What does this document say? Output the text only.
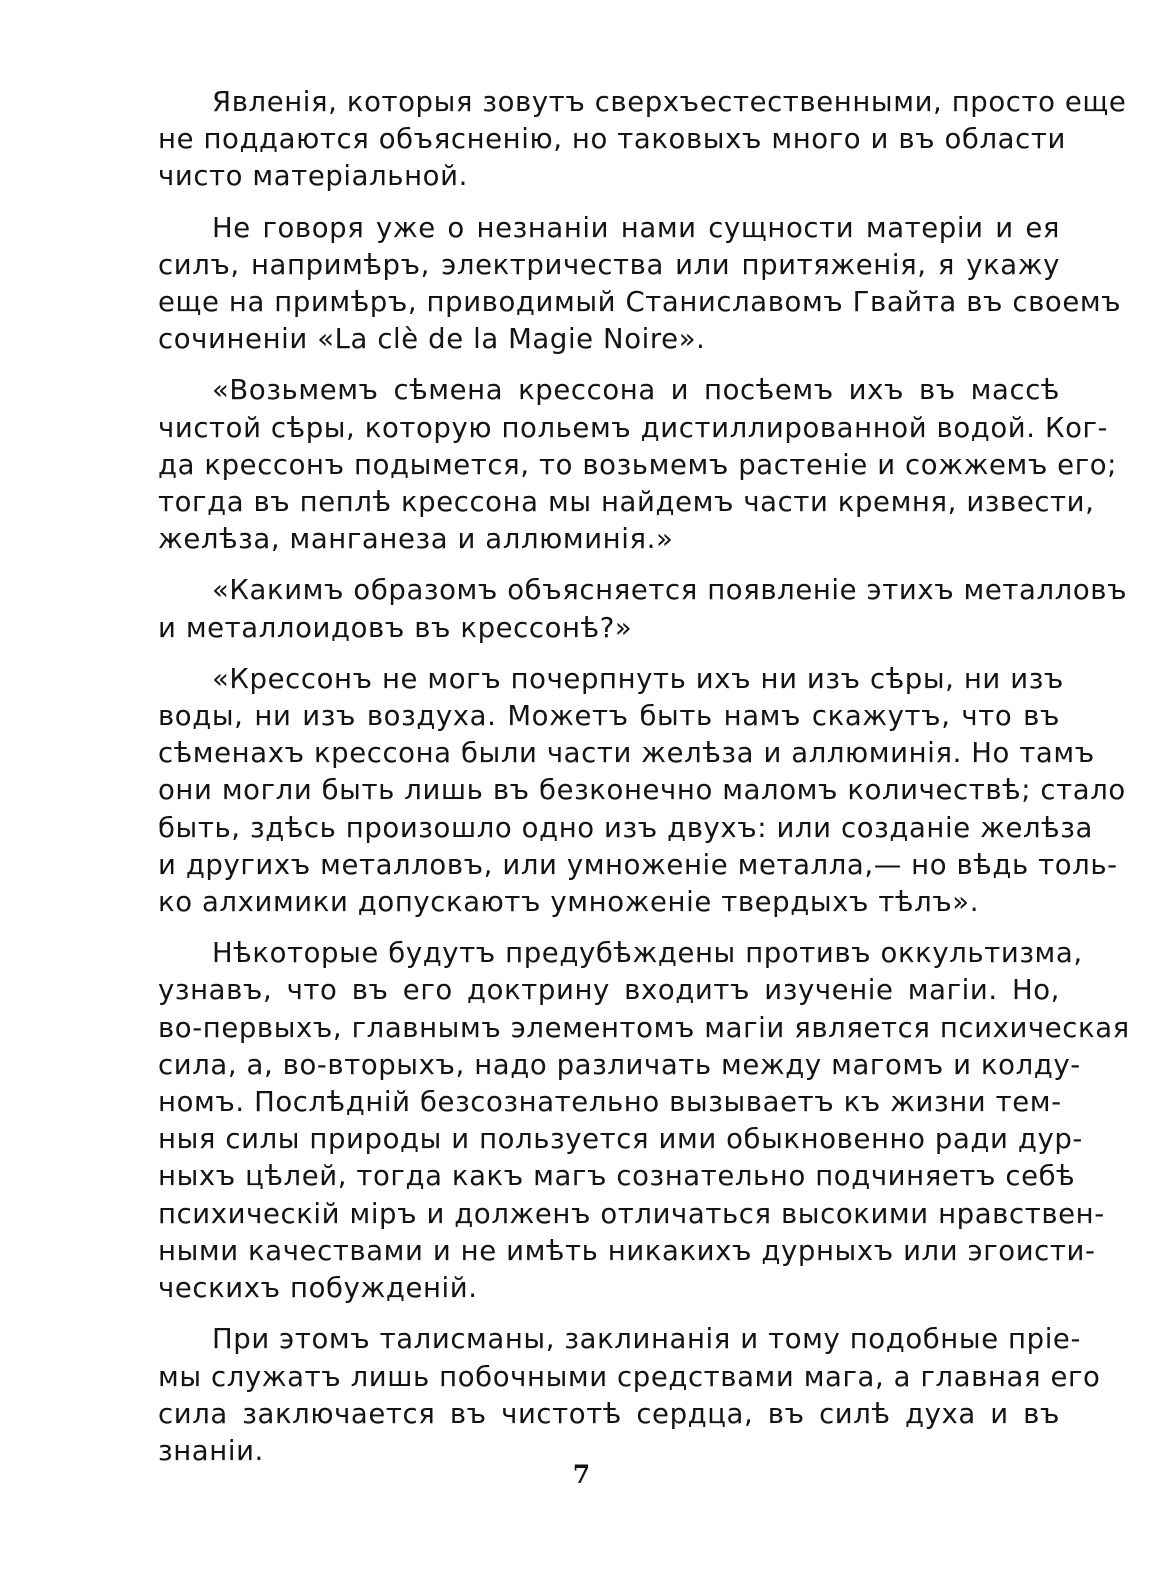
Явленія, которыя зовутъ сверхъестественными, просто еще
не поддаются объясненію, но таковыхъ много и въ области
чисто матеріальной.

Не говоря уже о незнаніи нами сущности матеріи и ея
силъ, напримѣръ, электричества или притяженія, я укажу
еще на примѣръ, приводимый Станиславомъ Гвайта въ своемъ
сочиненіи «La clè de la Magie Noire».

«Возьмемъ сѣмена крессона и посѣемъ ихъ въ массѣ
чистой сѣры, которую польемъ дистиллированной водой. Ког-
да крессонъ подымется, то возьмемъ растеніе и сожжемъ его;
тогда въ пеплѣ крессона мы найдемъ части кремня, извести,
желѣза, манганеза и аллюминія.»

«Какимъ образомъ объясняется появленіе этихъ металловъ
и металлоидовъ въ крессонѣ?»

«Крессонъ не могъ почерпнуть ихъ ни изъ сѣры, ни изъ
воды, ни изъ воздуха. Можетъ быть намъ скажутъ, что въ
сѣменахъ крессона были части желѣза и аллюминія. Но тамъ
они могли быть лишь въ безконечно маломъ количествѣ; стало
быть, здѣсь произошло одно изъ двухъ: или созданіе желѣза
и другихъ металловъ, или умноженіе металла,— но вѣдь толь-
ко алхимики допускаютъ умноженіе твердыхъ тѣлъ».

Нѣкоторые будутъ предубѣждены противъ оккультизма,
узнавъ, что въ его доктрину входитъ изученіе магіи. Но,
во-первыхъ, главнымъ элементомъ магіи является психическая
сила, а, во-вторыхъ, надо различать между магомъ и колду-
номъ. Послѣдній безсознательно вызываетъ къ жизни тем-
ныя силы природы и пользуется ими обыкновенно ради дур-
ныхъ цѣлей, тогда какъ магъ сознательно подчиняетъ себѣ
психическій міръ и долженъ отличаться высокими нравствен-
ными качествами и не имѣть никакихъ дурныхъ или эгоисти-
ческихъ побужденій.

При этомъ талисманы, заклинанія и тому подобные пріе-
мы служатъ лишь побочными средствами мага, а главная его
сила заключается въ чистотѣ сердца, въ силѣ духа и въ
знаніи.

7
